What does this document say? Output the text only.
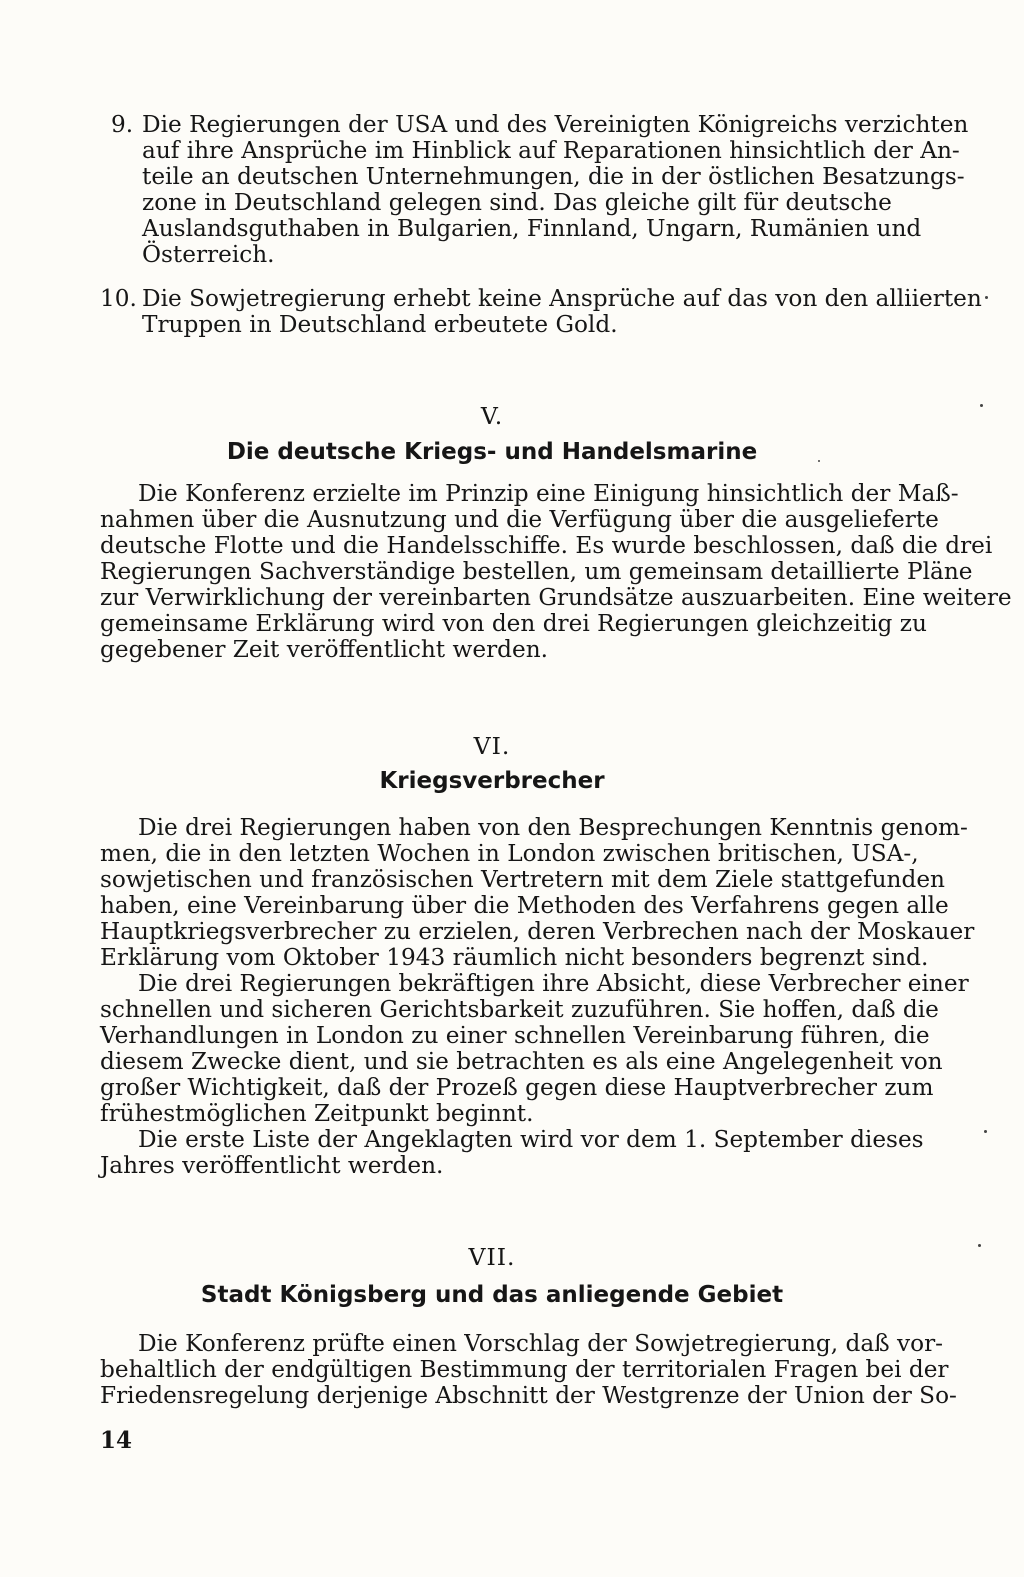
9. Die Regierungen der USA und des Vereinigten Königreichs verzichten
auf ihre Ansprüche im Hinblick auf Reparationen hinsichtlich der An-
teile an deutschen Unternehmungen, die in der östlichen Besatzungs-
zone in Deutschland gelegen sind. Das gleiche gilt für deutsche
Auslandsguthaben in Bulgarien, Finnland, Ungarn, Rumänien und
Österreich.
10. Die Sowjetregierung erhebt keine Ansprüche auf das von den alliierten
Truppen in Deutschland erbeutete Gold.
V.
Die deutsche Kriegs- und Handelsmarine
Die Konferenz erzielte im Prinzip eine Einigung hinsichtlich der Maß-
nahmen über die Ausnutzung und die Verfügung über die ausgelieferte
deutsche Flotte und die Handelsschiffe. Es wurde beschlossen, daß die drei
Regierungen Sachverständige bestellen, um gemeinsam detaillierte Pläne
zur Verwirklichung der vereinbarten Grundsätze auszuarbeiten. Eine weitere
gemeinsame Erklärung wird von den drei Regierungen gleichzeitig zu
gegebener Zeit veröffentlicht werden.
VI.
Kriegsverbrecher
Die drei Regierungen haben von den Besprechungen Kenntnis genom-
men, die in den letzten Wochen in London zwischen britischen, USA-,
sowjetischen und französischen Vertretern mit dem Ziele stattgefunden
haben, eine Vereinbarung über die Methoden des Verfahrens gegen alle
Hauptkriegsverbrecher zu erzielen, deren Verbrechen nach der Moskauer
Erklärung vom Oktober 1943 räumlich nicht besonders begrenzt sind.
Die drei Regierungen bekräftigen ihre Absicht, diese Verbrecher einer
schnellen und sicheren Gerichtsbarkeit zuzuführen. Sie hoffen, daß die
Verhandlungen in London zu einer schnellen Vereinbarung führen, die
diesem Zwecke dient, und sie betrachten es als eine Angelegenheit von
großer Wichtigkeit, daß der Prozeß gegen diese Hauptverbrecher zum
frühestmöglichen Zeitpunkt beginnt.
Die erste Liste der Angeklagten wird vor dem 1. September dieses
Jahres veröffentlicht werden.
VII.
Stadt Königsberg und das anliegende Gebiet
Die Konferenz prüfte einen Vorschlag der Sowjetregierung, daß vor-
behaltlich der endgültigen Bestimmung der territorialen Fragen bei der
Friedensregelung derjenige Abschnitt der Westgrenze der Union der So-
14
